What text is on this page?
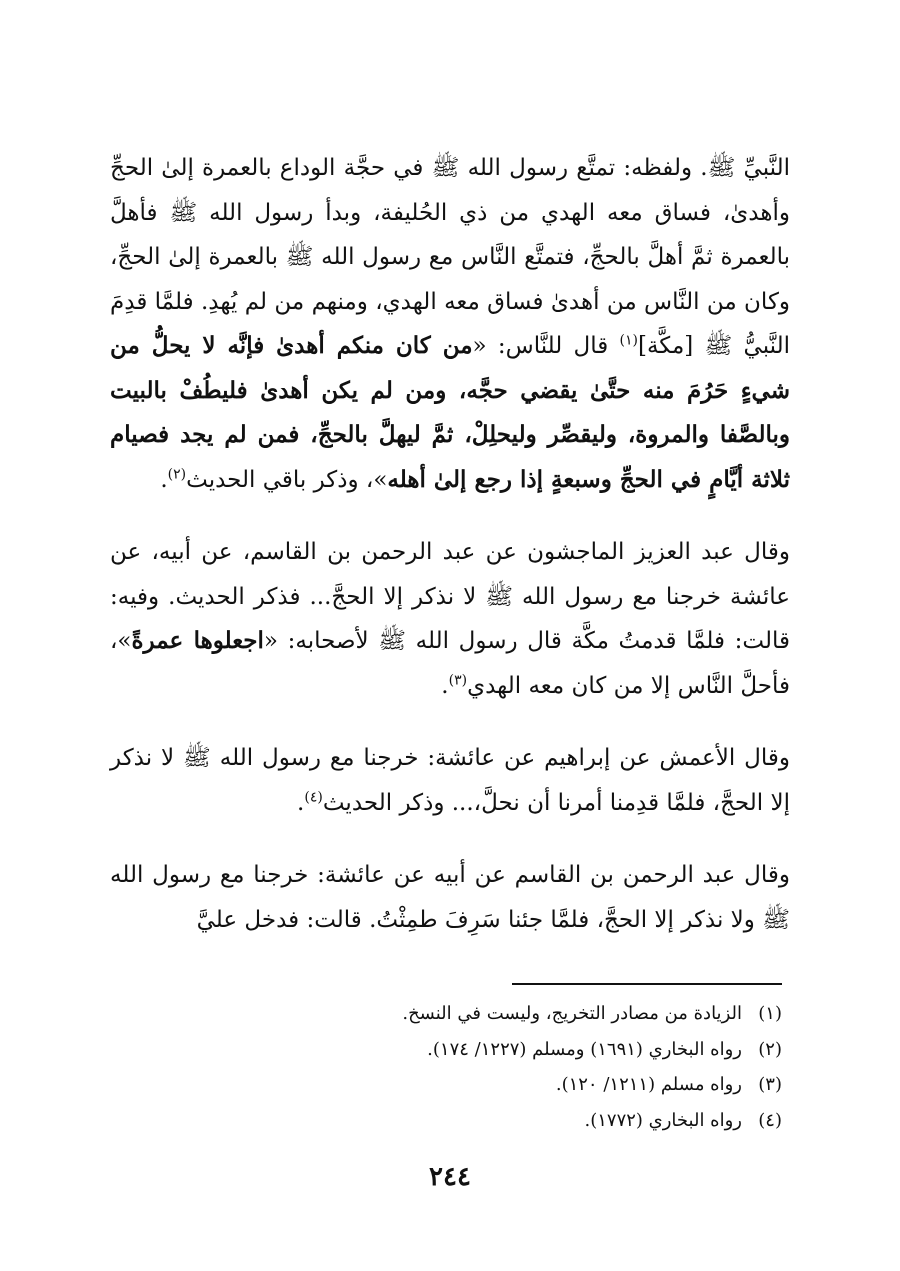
النَّبيِّ ﷺ. ولفظه: تمتَّع رسول الله ﷺ في حجَّة الوداع بالعمرة إلىٰ الحجِّ وأهدىٰ، فساق معه الهدي من ذي الحُليفة، وبدأ رسول الله ﷺ فأهلَّ بالعمرة ثمَّ أهلَّ بالحجِّ، فتمتَّع النَّاس مع رسول الله ﷺ بالعمرة إلىٰ الحجِّ، وكان من النَّاس من أهدىٰ فساق معه الهدي، ومنهم من لم يُهدِ. فلمَّا قدِمَ النَّبيُّ ﷺ [مكَّة]$^{(١)}$ قال للنَّاس: «من كان منكم أهدىٰ فإنَّه لا يحلُّ من شيءٍ حَرُمَ منه حتَّىٰ يقضي حجَّه، ومن لم يكن أهدىٰ فليطُفْ بالبيت وبالصَّفا والمروة، وليقصِّر وليحلِلْ، ثمَّ ليهلَّ بالحجِّ، فمن لم يجد فصيام ثلاثة أيَّامٍ في الحجِّ وسبعةٍ إذا رجع إلىٰ أهله»، وذكر باقي الحديث$^{(٢)}$.

وقال عبد العزيز الماجشون عن عبد الرحمن بن القاسم، عن أبيه، عن عائشة خرجنا مع رسول الله ﷺ لا نذكر إلا الحجَّ... فذكر الحديث. وفيه: قالت: فلمَّا قدمتُ مكَّة قال رسول الله ﷺ لأصحابه: «اجعلوها عمرةً»، فأحلَّ النَّاس إلا من كان معه الهدي$^{(٣)}$.

وقال الأعمش عن إبراهيم عن عائشة: خرجنا مع رسول الله ﷺ لا نذكر إلا الحجَّ، فلمَّا قدِمنا أمرنا أن نحلَّ،... وذكر الحديث$^{(٤)}$.

وقال عبد الرحمن بن القاسم عن أبيه عن عائشة: خرجنا مع رسول الله ﷺ ولا نذكر إلا الحجَّ، فلمَّا جئنا سَرِفَ طمِثْتُ. قالت: فدخل عليَّ

(١)
الزيادة من مصادر التخريج، وليست في النسخ.
(٢)
رواه البخاري (١٦٩١) ومسلم (١٢٢٧/ ١٧٤).
(٣)
رواه مسلم (١٢١١/ ١٢٠).
(٤)
رواه البخاري (١٧٧٢).
٢٤٤
